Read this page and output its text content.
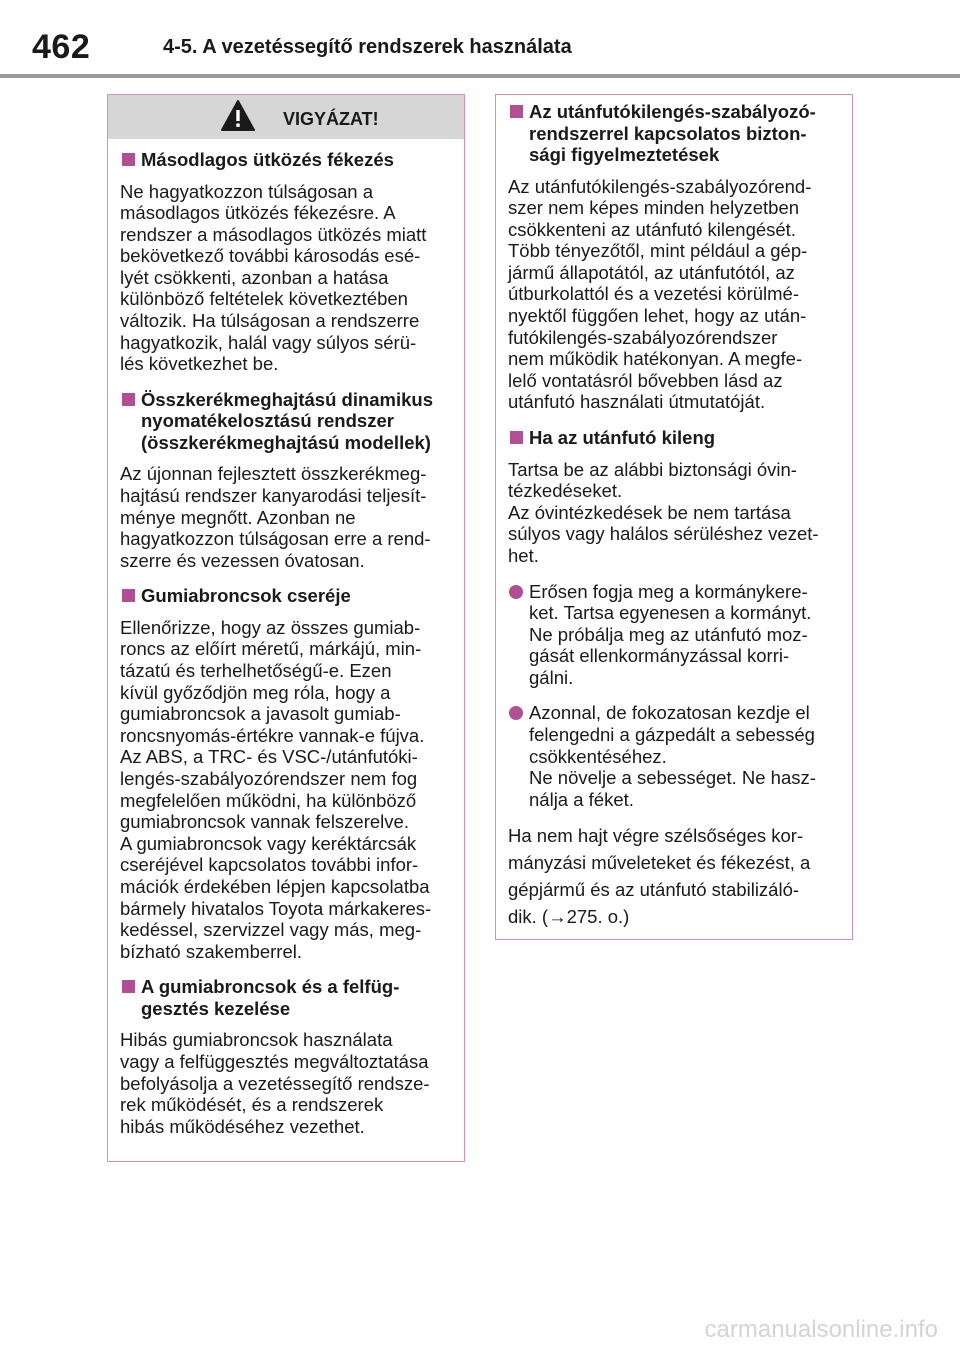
462	4-5. A vezetéssegítő rendszerek használata
VIGYÁZAT!
Másodlagos ütközés fékezés
Ne hagyatkozzon túlságosan a
másodlagos ütközés fékezésre. A
rendszer a másodlagos ütközés miatt
bekövetkező további károsodás esé-
lyét csökkenti, azonban a hatása
különböző feltételek következtében
változik. Ha túlságosan a rendszerre
hagyatkozik, halál vagy súlyos sérü-
lés következhet be.
Összkerékmeghajtású dinamikus nyomatékelosztású rendszer (összkerékmeghajtású modellek)
Az újonnan fejlesztett összkerékmeg-
hajtású rendszer kanyarodási teljesít-
ménye megnőtt. Azonban ne
hagyatkozzon túlságosan erre a rend-
szerre és vezessen óvatosan.
Gumiabroncsok cseréje
Ellenőrizze, hogy az összes gumiab-
roncs az előírt méretű, márkájú, min-
tázatú és terhelhetőségű-e. Ezen
kívül győződjön meg róla, hogy a
gumiabroncsok a javasolt gumiab-
roncsnyomás-értékre vannak-e fújva.
Az ABS, a TRC- és VSC-/utánfutóki-
lengés-szabályozórendszer nem fog
megfelelően működni, ha különböző
gumiabroncsok vannak felszerelve.
A gumiabroncsok vagy keréktárcsák
cseréjével kapcsolatos további infor-
mációk érdekében lépjen kapcsolatba
bármely hivatalos Toyota márkakeres-
kedéssel, szervizzel vagy más, meg-
bízható szakemberrel.
A gumiabroncsok és a felfüg- gesztés kezelése
Hibás gumiabroncsok használata
vagy a felfüggesztés megváltoztatása
befolyásolja a vezetéssegítő rendsze-
rek működését, és a rendszerek
hibás működéséhez vezethet.
Az utánfutókilengés-szabályozó- rendszerrel kapcsolatos bizton- sági figyelmeztetések
Az utánfutókilengés-szabályozórend-
szer nem képes minden helyzetben
csökkenteni az utánfutó kilengését.
Több tényezőtől, mint például a gép-
jármű állapotától, az utánfutótól, az
útburkolattól és a vezetési körülmé-
nyektől függően lehet, hogy az után-
futókilengés-szabályozórendszer
nem működik hatékonyan. A megfe-
lelő vontatásról bővebben lásd az
utánfutó használati útmutatóját.
Ha az utánfutó kileng
Tartsa be az alábbi biztonsági óvin-
tézkedéseket.
Az óvintézkedések be nem tartása
súlyos vagy halálos sérüléshez vezet-
het.
Erősen fogja meg a kormánykere-
ket. Tartsa egyenesen a kormányt.
Ne próbálja meg az utánfutó moz-
gását ellenkormányzással korri-
gálni.
Azonnal, de fokozatosan kezdje el
felengedni a gázpedált a sebesség
csökkentéséhez.
Ne növelje a sebességet. Ne hasz-
nálja a féket.
Ha nem hajt végre szélsőséges kor-
mányzási műveleteket és fékezést, a
gépjármű és az utánfutó stabilizáló-
dik. (→275. o.)
carmanualsonline.info
